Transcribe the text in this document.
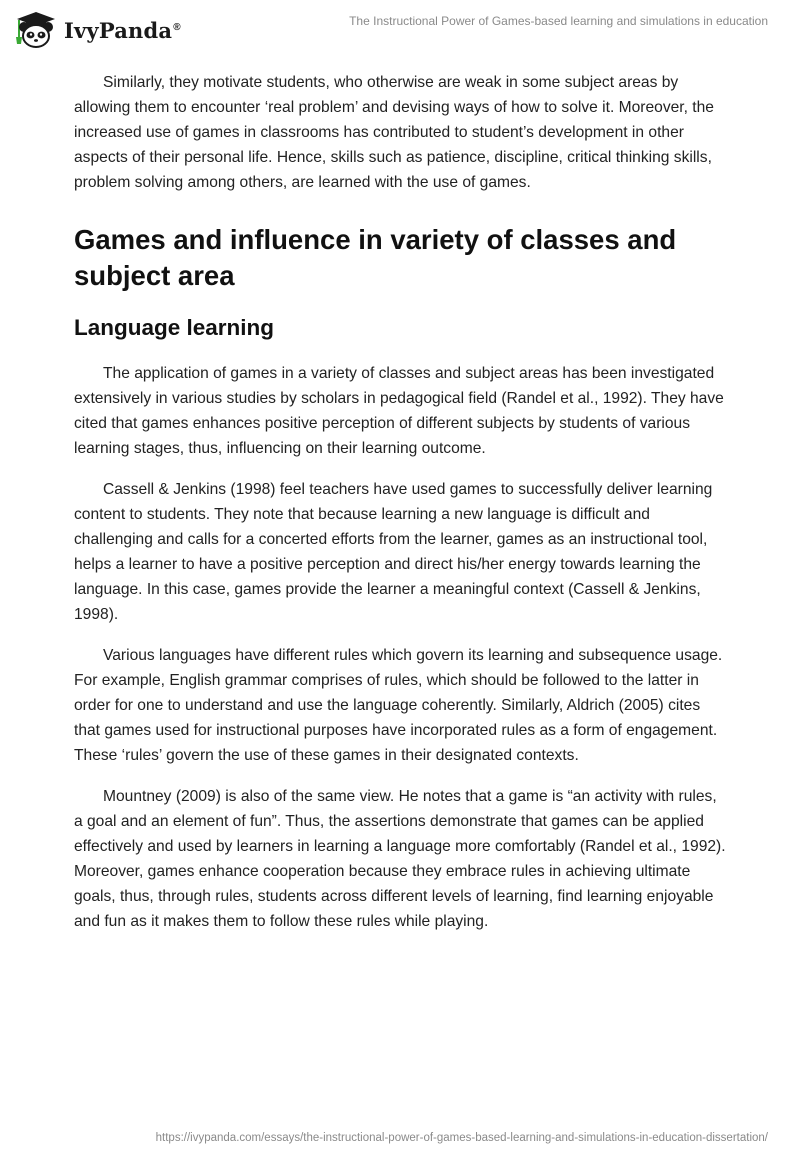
IvyPanda®	The Instructional Power of Games-based learning and simulations in education

Similarly, they motivate students, who otherwise are weak in some subject areas by allowing them to encounter ‘real problem’ and devising ways of how to solve it. Moreover, the increased use of games in classrooms has contributed to student’s development in other aspects of their personal life. Hence, skills such as patience, discipline, critical thinking skills, problem solving among others, are learned with the use of games.

Games and influence in variety of classes and subject area
Language learning

The application of games in a variety of classes and subject areas has been investigated extensively in various studies by scholars in pedagogical field (Randel et al., 1992). They have cited that games enhances positive perception of different subjects by students of various learning stages, thus, influencing on their learning outcome.

Cassell & Jenkins (1998) feel teachers have used games to successfully deliver learning content to students. They note that because learning a new language is difficult and challenging and calls for a concerted efforts from the learner, games as an instructional tool, helps a learner to have a positive perception and direct his/her energy towards learning the language. In this case, games provide the learner a meaningful context (Cassell & Jenkins, 1998).

Various languages have different rules which govern its learning and subsequence usage. For example, English grammar comprises of rules, which should be followed to the latter in order for one to understand and use the language coherently. Similarly, Aldrich (2005) cites that games used for instructional purposes have incorporated rules as a form of engagement. These ‘rules’ govern the use of these games in their designated contexts.

Mountney (2009) is also of the same view. He notes that a game is “an activity with rules, a goal and an element of fun”. Thus, the assertions demonstrate that games can be applied effectively and used by learners in learning a language more comfortably (Randel et al., 1992). Moreover, games enhance cooperation because they embrace rules in achieving ultimate goals, thus, through rules, students across different levels of learning, find learning enjoyable and fun as it makes them to follow these rules while playing.

https://ivypanda.com/essays/the-instructional-power-of-games-based-learning-and-simulations-in-education-dissertation/
